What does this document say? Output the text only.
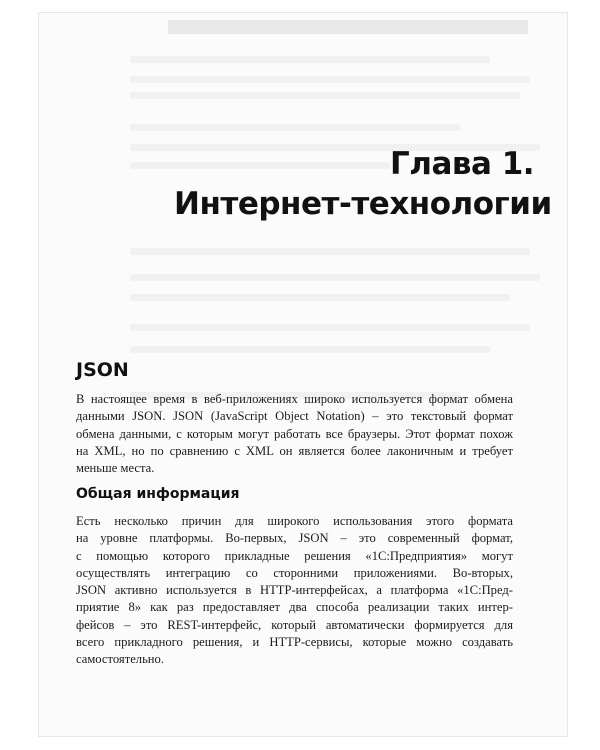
Глава 1.
Интернет-технологии
JSON
В настоящее время в веб-приложениях широко используется формат обмена
данными JSON. JSON (JavaScript Object Notation) – это текстовый формат
обмена данными, с которым могут работать все браузеры. Этот формат похож
на XML, но по сравнению с XML он является более лаконичным и требует
меньше места.
Общая информация
Есть несколько причин для широкого использования этого формата
на уровне платформы. Во-первых, JSON – это современный формат,
с помощью которого прикладные решения «1С:Предприятия» могут
осуществлять интеграцию со сторонними приложениями. Во-вторых,
JSON активно используется в HTTP-интерфейсах, а платформа «1С:Пред-
приятие 8» как раз предоставляет два способа реализации таких интер-
фейсов – это REST-интерфейс, который автоматически формируется для
всего прикладного решения, и HTTP-сервисы, которые можно создавать
самостоятельно.
